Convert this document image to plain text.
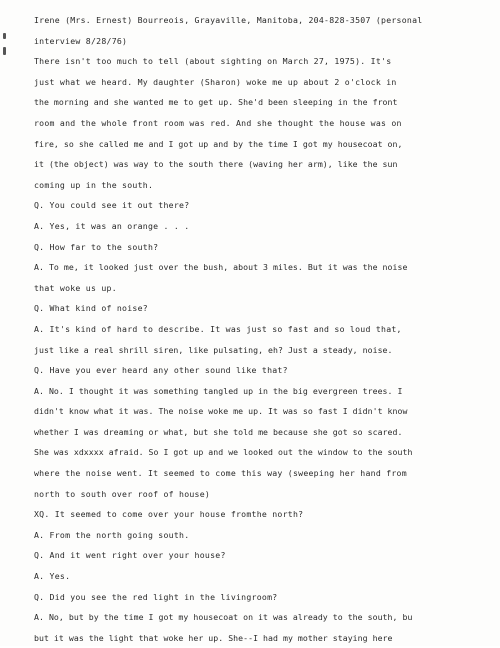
Irene (Mrs. Ernest) Bourreois, Grayaville, Manitoba, 204-828-3507 (personal
interview 8/28/76)
There isn't too much to tell (about sighting on March 27, 1975). It's
just what we heard. My daughter (Sharon) woke me up about 2 o'clock in
the morning and she wanted me to get up. She'd been sleeping in the front
room and the whole front room was red. And she thought the house was on
fire, so she called me and I got up and by the time I got my housecoat on,
it (the object) was way to the south there (waving her arm), like the sun
coming up in the south.
Q. You could see it out there?
A. Yes, it was an orange . . .
Q. How far to the south?
A. To me, it looked just over the bush, about 3 miles. But it was the noise
that woke us up.
Q. What kind of noise?
A. It's kind of hard to describe. It was just so fast and so loud that,
just like a real shrill siren, like pulsating, eh? Just a steady, noise.
Q. Have you ever heard any other sound like that?
A. No. I thought it was something tangled up in the big evergreen trees. I
didn't know what it was. The noise woke me up. It was so fast I didn't know
whether I was dreaming or what, but she told me because she got so scared.
She was xdxxxx afraid. So I got up and we looked out the window to the south
where the noise went. It seemed to come this way (sweeping her hand from
north to south over roof of house)
XQ. It seemed to come over your house fromthe north?
A. From the north going south.
Q. And it went right over your house?
A. Yes.
Q. Did you see the red light in the livingroom?
A. No, but by the time I got my housecoat on it was already to the south, bu
but it was the light that woke her up. She--I had my mother staying here
